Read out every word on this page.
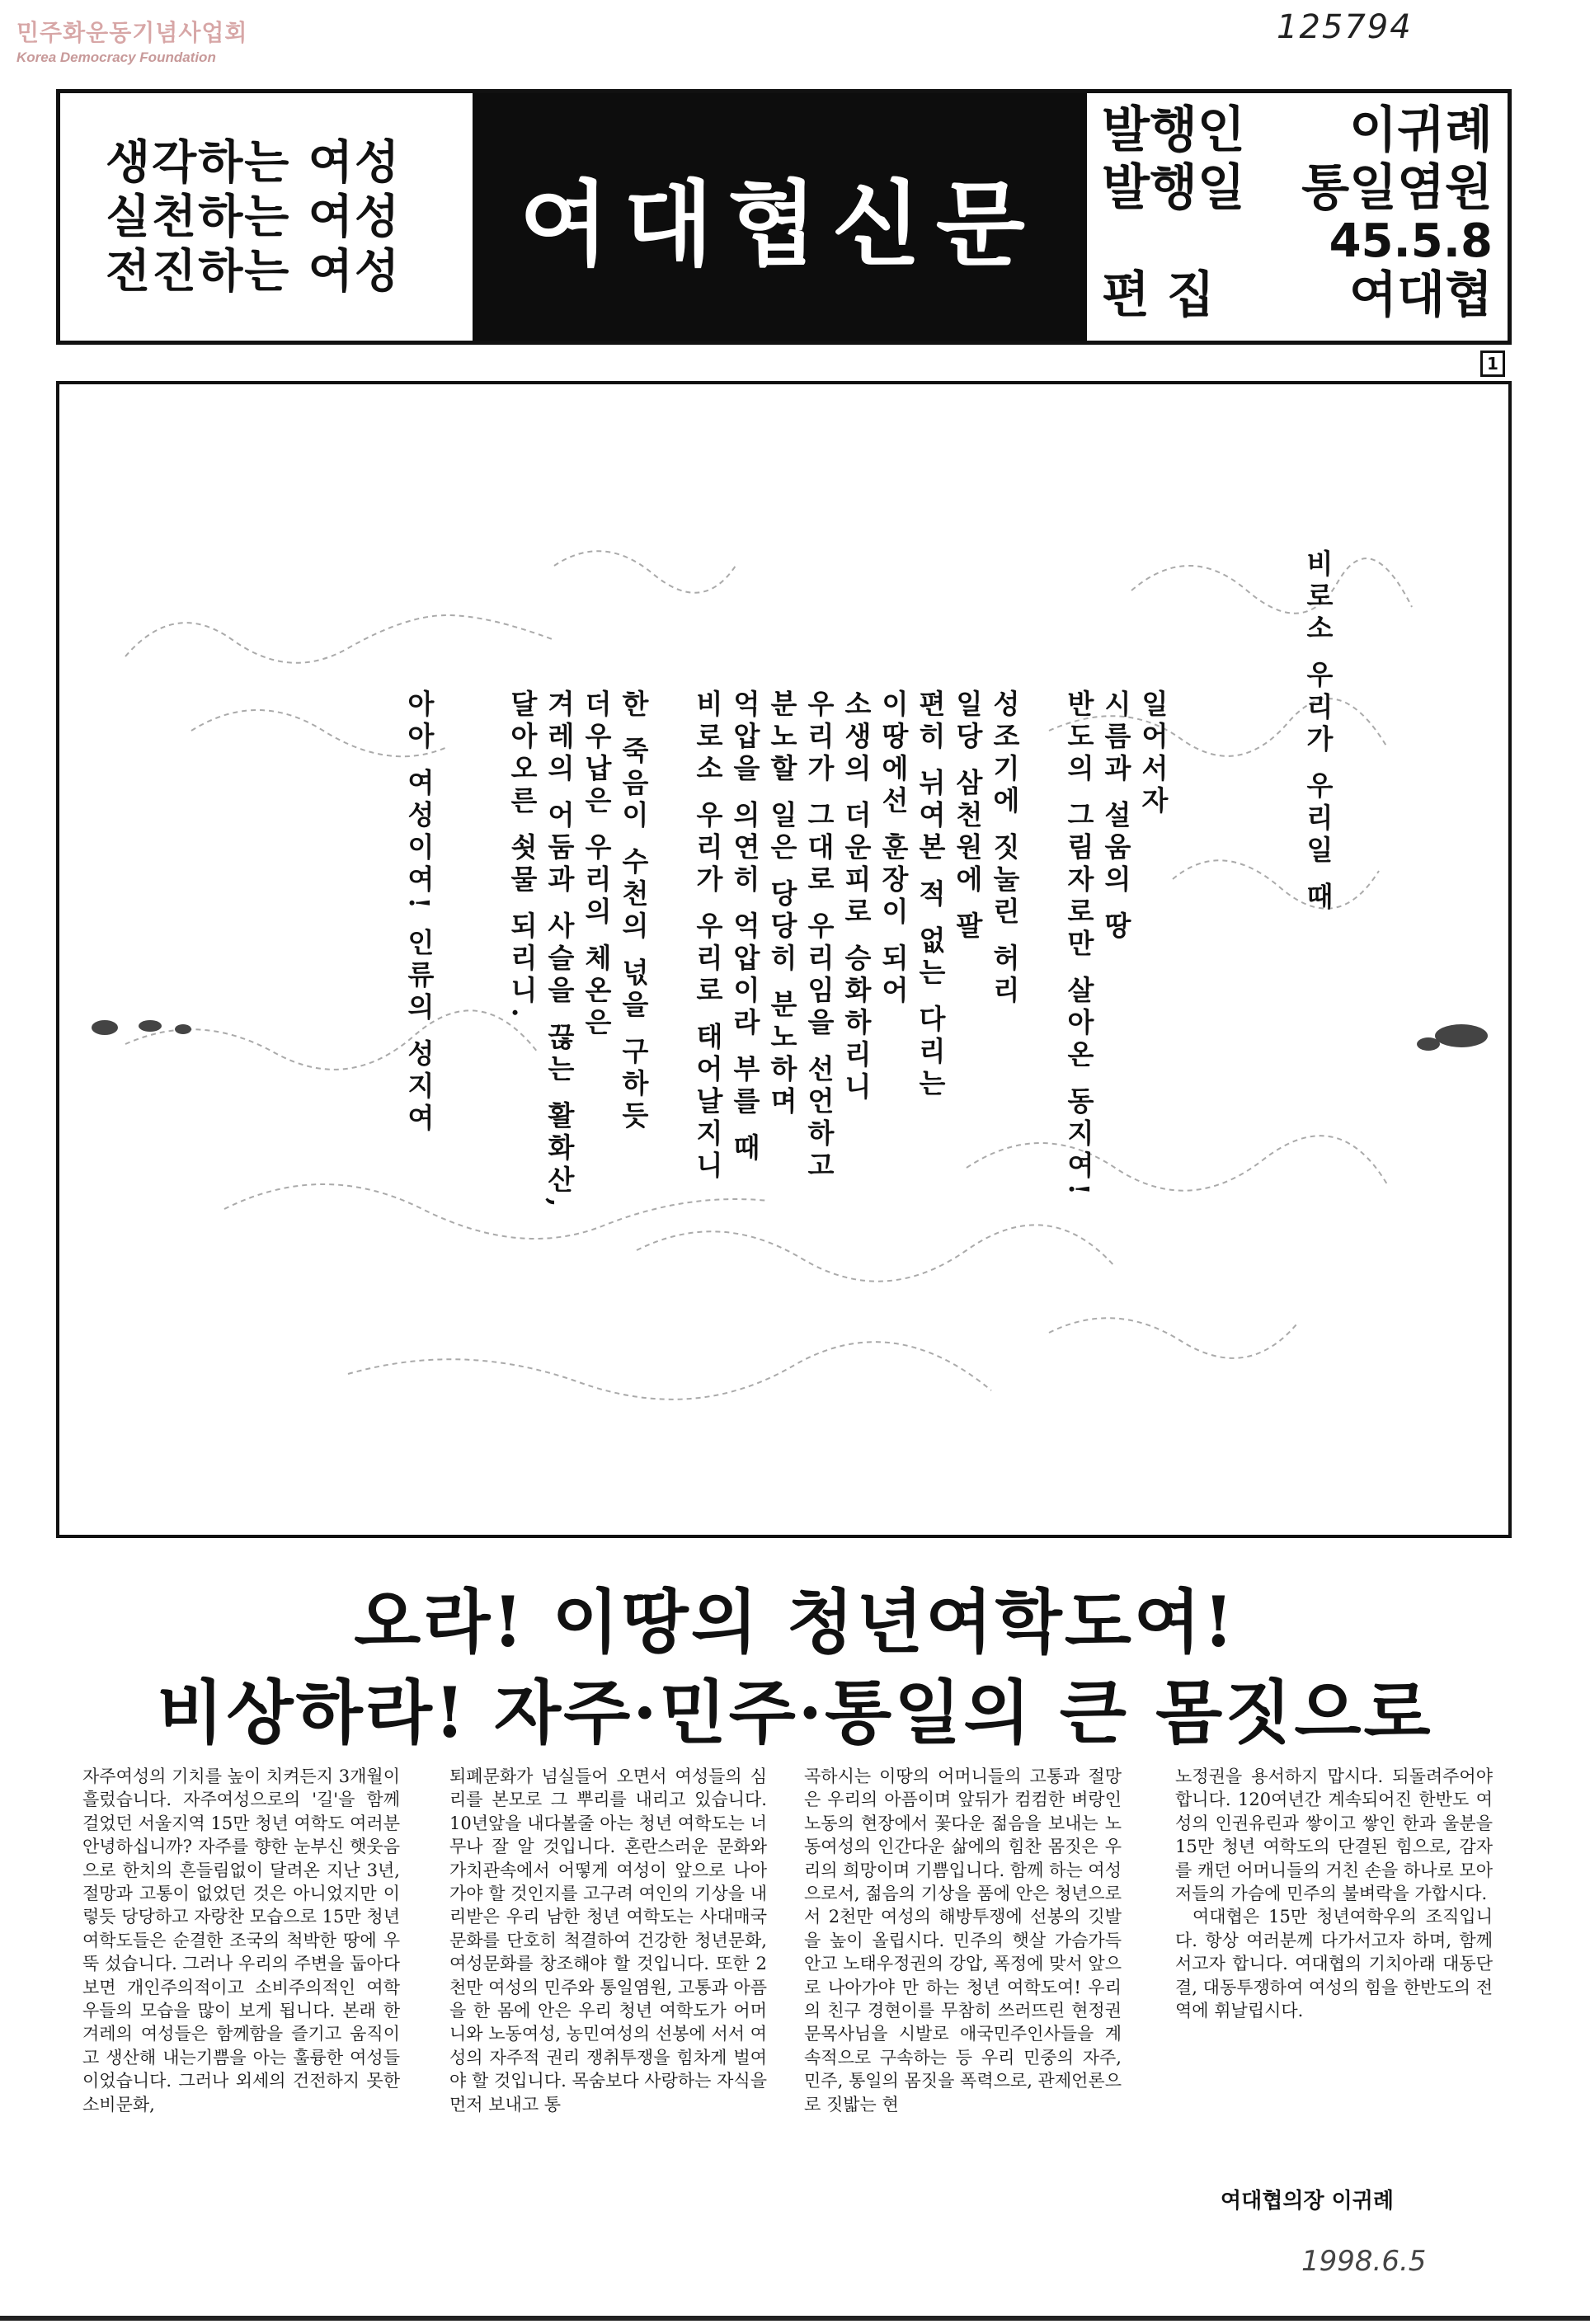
민주화운동기념사업회
Korea Democracy Foundation
125794
생각하는 여성
실천하는 여성
전진하는 여성	여대협신문
발행인 이귀례
발행일 통일염원
45.5.8
편 집	여대협
1
비로소 우리가 우리일 때
일어서자
시름과 설움의 땅
반도의 그림자로만 살아온 동지여!
성조기에 짓눌린 허리
일당 삼천원에 팔
편히 뉘여본 적 없는 다리는
이땅에선 훈장이 되어
소생의 더운피로 승화하리니
우리가 그대로 우리임을 선언하고
분노할 일은 당당히 분노하며
억압을 의연히 억압이라 부를 때
비로소 우리가 우리로 태어날지니
한 죽음이 수천의 넋을 구하듯
더우납은 우리의 체온은
겨레의 어둠과 사슬을 끊는 활화산,
달아오른 쇳물 되리니.
아아 여성이여! 인류의 성지여
오라! 이땅의 청년여학도여!
비상하라! 자주·민주·통일의 큰 몸짓으로

자주여성의 기치를 높이 치켜든지 3개월이 흘렀습니다. 자주여성으로의 '길'을 함께 걸었던 서울지역 15만 청년 여학도 여러분 안녕하십니까? 자주를 향한 눈부신 햇웃음으로 한치의 흔들림없이 달려온 지난 3년, 절망과 고통이 없었던 것은 아니었지만 이렇듯 당당하고 자랑찬 모습으로 15만 청년 여학도들은 순결한 조국의 척박한 땅에 우뚝 섰습니다. 그러나 우리의 주변을 둡아다 보면 개인주의적이고 소비주의적인 여학우들의 모습을 많이 보게 됩니다. 본래 한겨레의 여성들은 함께함을 즐기고 움직이고 생산해 내는기쁨을 아는 훌륭한 여성들이었습니다. 그러나 외세의 건전하지 못한 소비문화,

퇴폐문화가 넘실들어 오면서 여성들의 심리를 본모로 그 뿌리를 내리고 있습니다. 10년앞을 내다볼줄 아는 청년 여학도는 너무나 잘 알 것입니다. 혼란스러운 문화와 가치관속에서 어떻게 여성이 앞으로 나아가야 할 것인지를 고구려 여인의 기상을 내리받은 우리 남한 청년 여학도는 사대매국문화를 단호히 척결하여 건강한 청년문화, 여성문화를 창조해야 할 것입니다. 또한 2천만 여성의 민주와 통일염원, 고통과 아픔을 한 몸에 안은 우리 청년 여학도가 어머니와 노동여성, 농민여성의 선봉에 서서 여성의 자주적 권리 쟁취투쟁을 힘차게 벌여야 할 것입니다. 목숨보다 사랑하는 자식을 먼저 보내고 통

곡하시는 이땅의 어머니들의 고통과 절망은 우리의 아픔이며 앞뒤가 컴컴한 벼랑인 노동의 현장에서 꽃다운 젊음을 보내는 노동여성의 인간다운 삶에의 힘찬 몸짓은 우리의 희망이며 기쁨입니다. 함께 하는 여성으로서, 젊음의 기상을 품에 안은 청년으로서 2천만 여성의 해방투쟁에 선봉의 깃발을 높이 올립시다. 민주의 햇살 가슴가득 안고 노태우정권의 강압, 폭정에 맞서 앞으로 나아가야 만 하는 청년 여학도여! 우리의 친구 경현이를 무참히 쓰러뜨린 현정권 문목사님을 시발로 애국민주인사들을 계속적으로 구속하는 등 우리 민중의 자주, 민주, 통일의 몸짓을 폭력으로, 관제언론으로 짓밟는 현

노정권을 용서하지 맙시다. 되돌려주어야 합니다. 120여년간 계속되어진 한반도 여성의 인권유린과 쌓이고 쌓인 한과 울분을 15만 청년 여학도의 단결된 힘으로, 감자를 캐던 어머니들의 거친 손을 하나로 모아 저들의 가슴에 민주의 불벼락을 가합시다.

여대협은 15만 청년여학우의 조직입니다. 항상 여러분께 다가서고자 하며, 함께 서고자 합니다. 여대협의 기치아래 대동단결, 대동투쟁하여 여성의 힘을 한반도의 전역에 휘날립시다.

여대협의장 이귀례
1998.6.5
